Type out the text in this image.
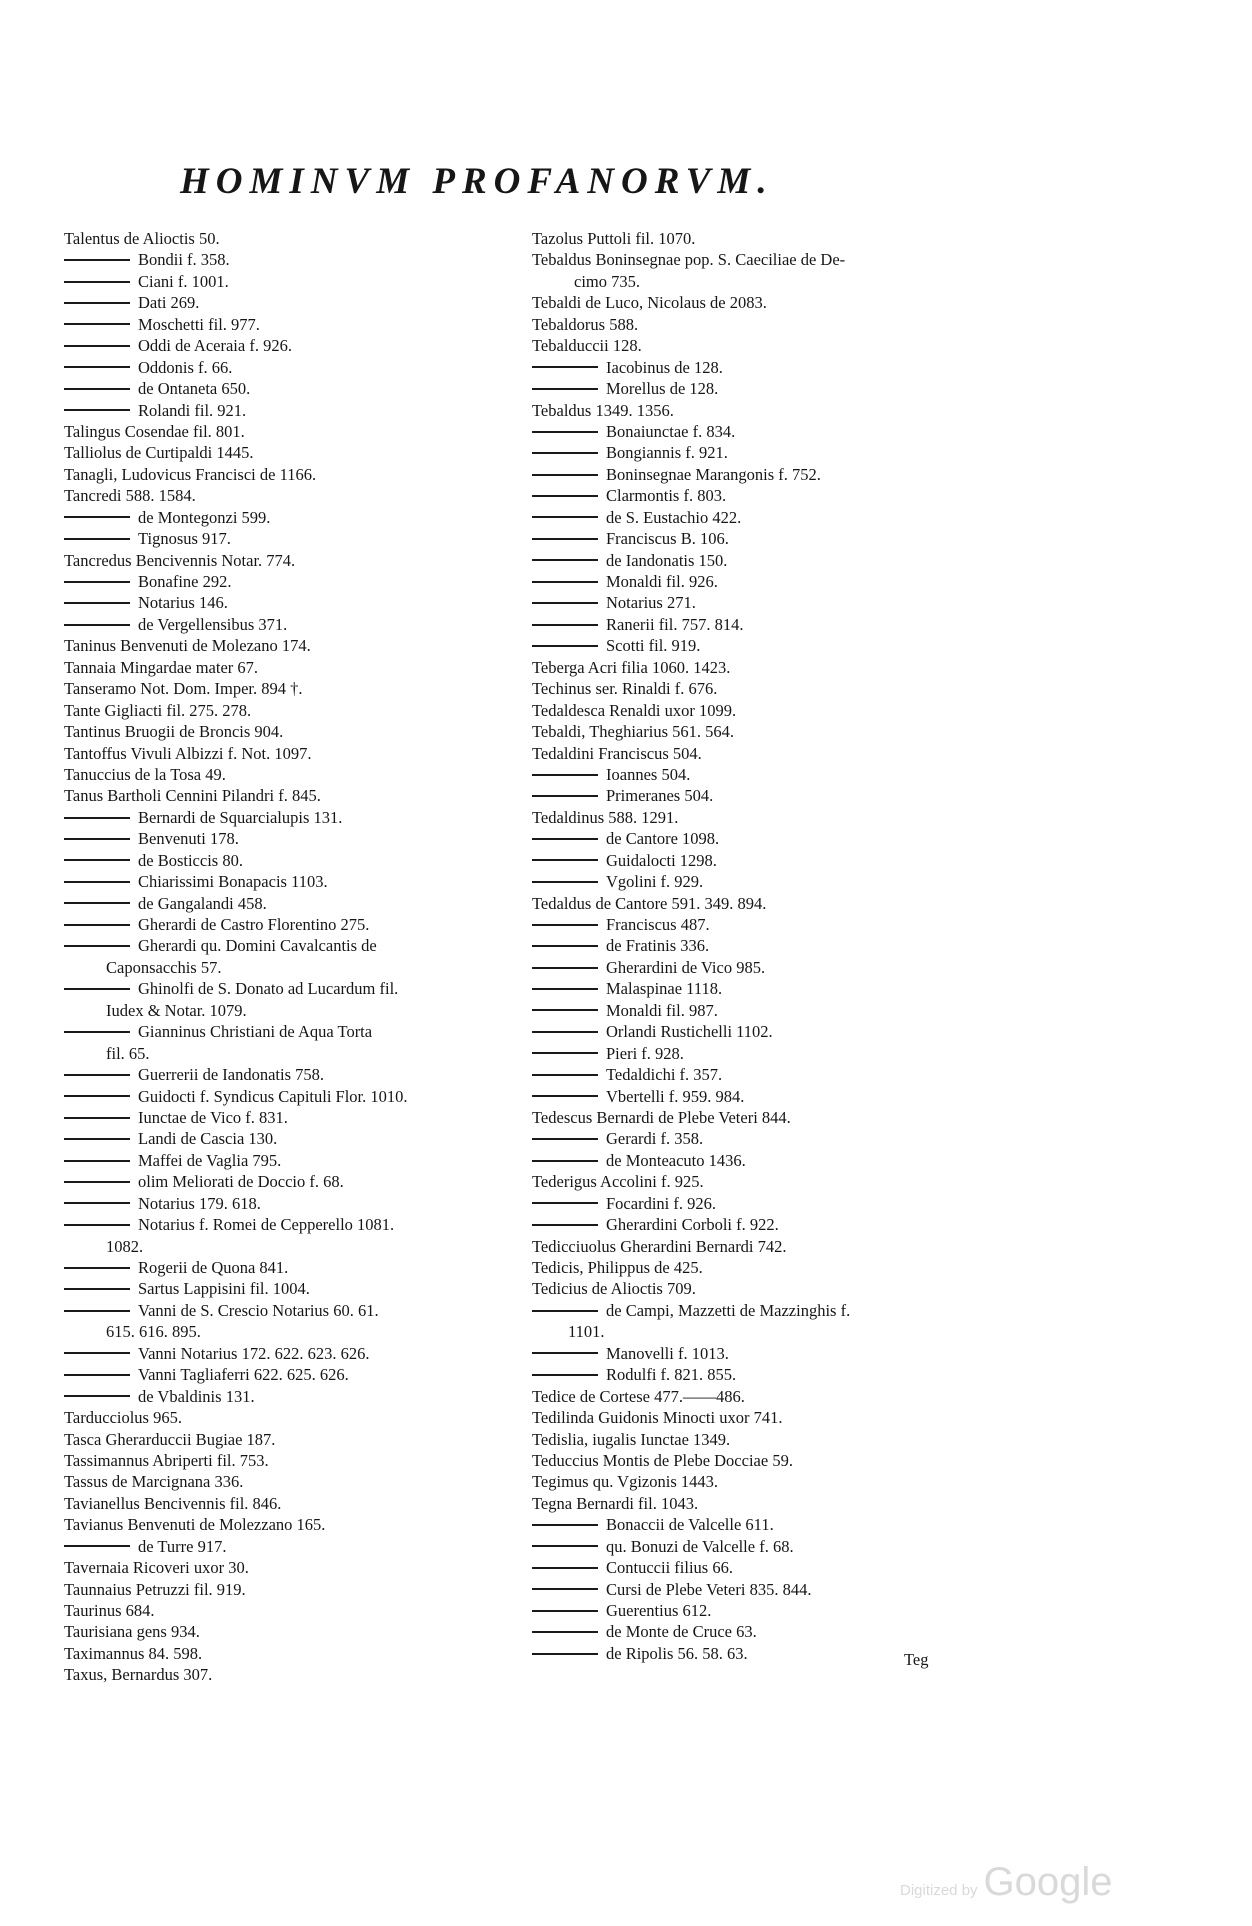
HOMINVM PROFANORVM.
Talentus de Alioctis 50.
Bondii f. 358.
Ciani f. 1001.
Dati 269.
Moschetti fil. 977.
Oddi de Aceraia f. 926.
Oddonis f. 66.
de Ontaneta 650.
Rolandi fil. 921.
Talingus Cosendae fil. 801.
Talliolus de Curtipaldi 1445.
Tanagli, Ludovicus Francisci de 1166.
Tancredi 588. 1584.
de Montegonzi 599.
Tignosus 917.
Tancredus Bencivennis Notar. 774.
Bonafine 292.
Notarius 146.
de Vergellensibus 371.
Taninus Benvenuti de Molezano 174.
Tannaia Mingardae mater 67.
Tanseramo Not. Dom. Imper. 894 †.
Tante Gigliacti fil. 275. 278.
Tantinus Bruogii de Broncis 904.
Tantoffus Vivuli Albizzi f. Not. 1097.
Tanuccius de la Tosa 49.
Tanus Bartholi Cennini Pilandri f. 845.
Bernardi de Squarcialupis 131.
Benvenuti 178.
de Bosticcis 80.
Chiarissimi Bonapacis 1103.
de Gangalandi 458.
Gherardi de Castro Florentino 275.
Gherardi qu. Domini Cavalcantis de
Caponsacchis 57.
Ghinolfi de S. Donato ad Lucardum fil.
Iudex & Notar. 1079.
Gianninus Christiani de Aqua Torta
fil. 65.
Guerrerii de Iandonatis 758.
Guidocti f. Syndicus Capituli Flor. 1010.
Iunctae de Vico f. 831.
Landi de Cascia 130.
Maffei de Vaglia 795.
olim Meliorati de Doccio f. 68.
Notarius 179. 618.
Notarius f. Romei de Cepperello 1081.
1082.
Rogerii de Quona 841.
Sartus Lappisini fil. 1004.
Vanni de S. Crescio Notarius 60. 61.
615. 616. 895.
Vanni Notarius 172. 622. 623. 626.
Vanni Tagliaferri 622. 625. 626.
de Vbaldinis 131.
Tarducciolus 965.
Tasca Gherarduccii Bugiae 187.
Tassimannus Abriperti fil. 753.
Tassus de Marcignana 336.
Tavianellus Bencivennis fil. 846.
Tavianus Benvenuti de Molezzano 165.
de Turre 917.
Tavernaia Ricoveri uxor 30.
Taunnaius Petruzzi fil. 919.
Taurinus 684.
Taurisiana gens 934.
Taximannus 84. 598.
Taxus, Bernardus 307.
Tazolus Puttoli fil. 1070.
Tebaldus Boninsegnae pop. S. Caeciliae de De-
cimo 735.
Tebaldi de Luco, Nicolaus de 2083.
Tebaldorus 588.
Tebalduccii 128.
Iacobinus de 128.
Morellus de 128.
Tebaldus 1349. 1356.
Bonaiunctae f. 834.
Bongiannis f. 921.
Boninsegnae Marangonis f. 752.
Clarmontis f. 803.
de S. Eustachio 422.
Franciscus B. 106.
de Iandonatis 150.
Monaldi fil. 926.
Notarius 271.
Ranerii fil. 757. 814.
Scotti fil. 919.
Teberga Acri filia 1060. 1423.
Techinus ser. Rinaldi f. 676.
Tedaldesca Renaldi uxor 1099.
Tebaldi, Theghiarius 561. 564.
Tedaldini Franciscus 504.
Ioannes 504.
Primeranes 504.
Tedaldinus 588. 1291.
de Cantore 1098.
Guidalocti 1298.
Vgolini f. 929.
Tedaldus de Cantore 591. 349. 894.
Franciscus 487.
de Fratinis 336.
Gherardini de Vico 985.
Malaspinae 1118.
Monaldi fil. 987.
Orlandi Rustichelli 1102.
Pieri f. 928.
Tedaldichi f. 357.
Vbertelli f. 959. 984.
Tedescus Bernardi de Plebe Veteri 844.
Gerardi f. 358.
de Monteacuto 1436.
Tederigus Accolini f. 925.
Focardini f. 926.
Gherardini Corboli f. 922.
Tedicciuolus Gherardini Bernardi 742.
Tedicis, Philippus de 425.
Tedicius de Alioctis 709.
de Campi, Mazzetti de Mazzinghis f.
1101.
Manovelli f. 1013.
Rodulfi f. 821. 855.
Tedice de Cortese 477.——486.
Tedilinda Guidonis Minocti uxor 741.
Tedislia, iugalis Iunctae 1349.
Teduccius Montis de Plebe Docciae 59.
Tegimus qu. Vgizonis 1443.
Tegna Bernardi fil. 1043.
Bonaccii de Valcelle 611.
qu. Bonuzi de Valcelle f. 68.
Contuccii filius 66.
Cursi de Plebe Veteri 835. 844.
Guerentius 612.
de Monte de Cruce 63.
de Ripolis 56. 58. 63.	Teg
Digitized by Google
